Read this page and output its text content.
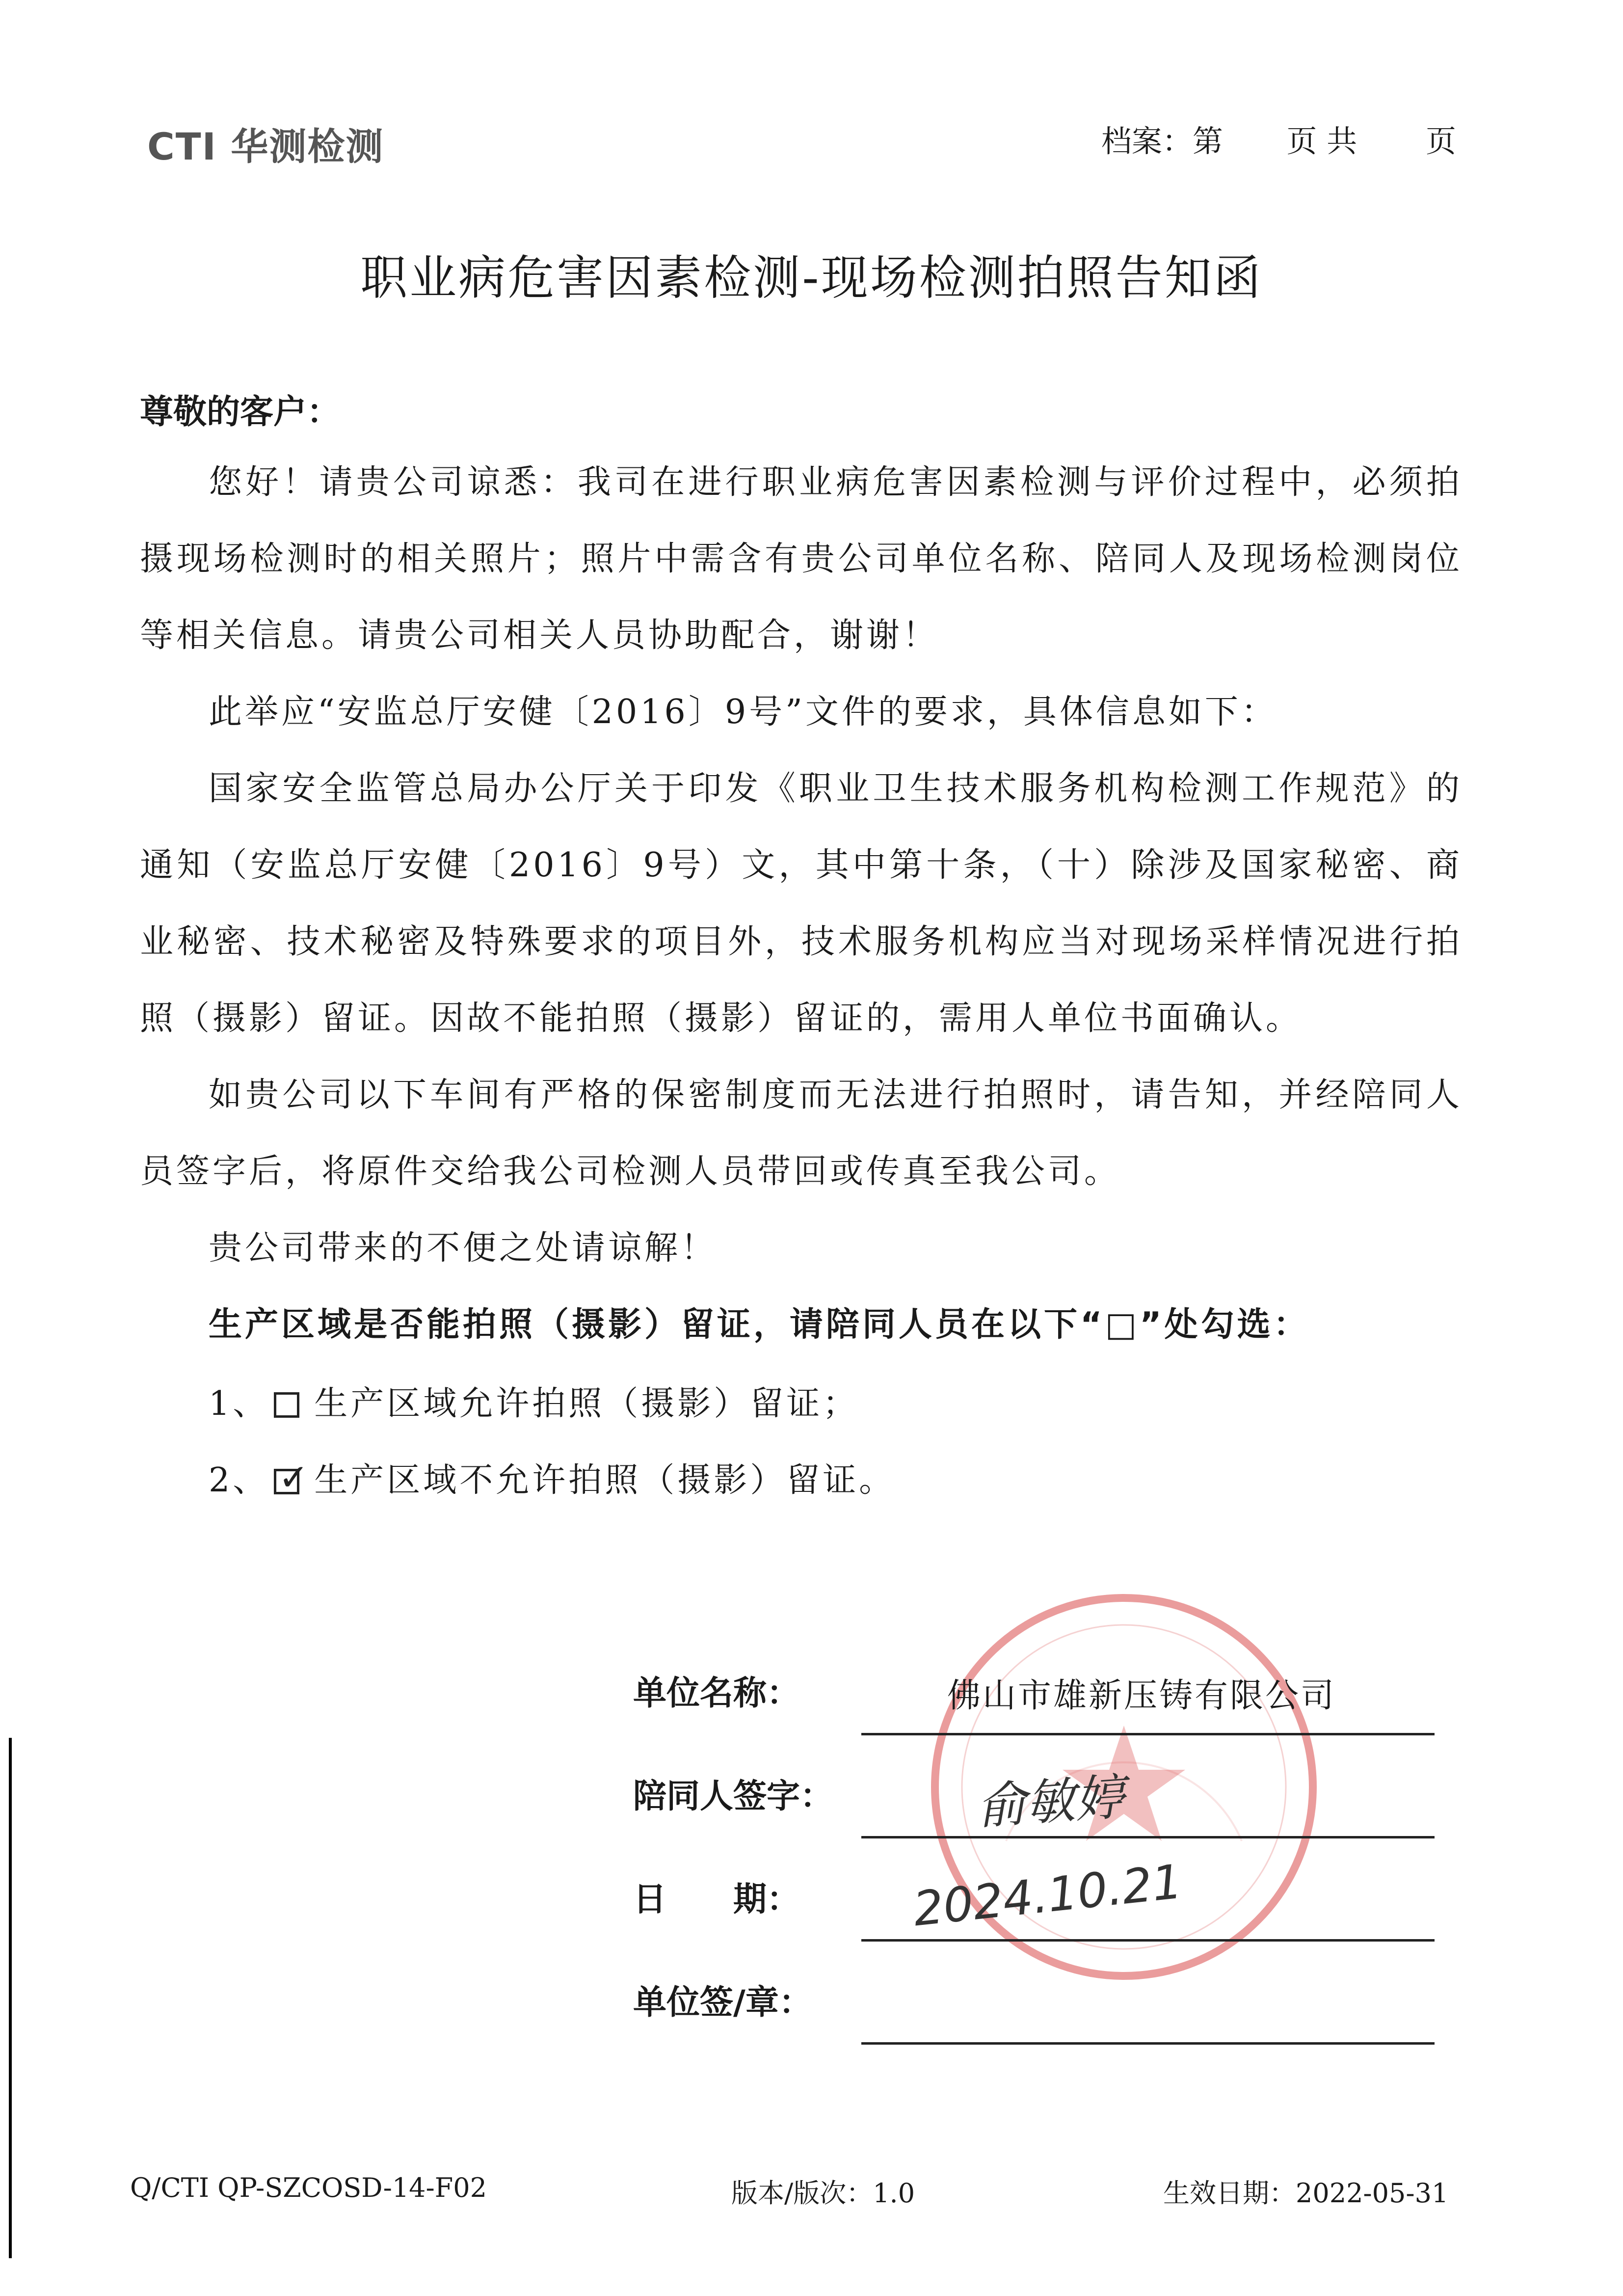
CTI 华测检测	档案：第 页 共 页
职业病危害因素检测-现场检测拍照告知函
尊敬的客户：

您好！请贵公司谅悉：我司在进行职业病危害因素检测与评价过程中，必须拍摄现场检测时的相关照片；照片中需含有贵公司单位名称、陪同人及现场检测岗位等相关信息。请贵公司相关人员协助配合，谢谢！

此举应“安监总厅安健〔2016〕9号”文件的要求，具体信息如下：

国家安全监管总局办公厅关于印发《职业卫生技术服务机构检测工作规范》的通知（安监总厅安健〔2016〕9号）文，其中第十条，（十）除涉及国家秘密、商业秘密、技术秘密及特殊要求的项目外，技术服务机构应当对现场采样情况进行拍照（摄影）留证。因故不能拍照（摄影）留证的，需用人单位书面确认。

如贵公司以下车间有严格的保密制度而无法进行拍照时，请告知，并经陪同人员签字后，将原件交给我公司检测人员带回或传真至我公司。

贵公司带来的不便之处请谅解！

生产区域是否能拍照（摄影）留证，请陪同人员在以下“□”处勾选：

1、 生产区域允许拍照（摄影）留证；
2、 ✓ 生产区域不允许拍照（摄影）留证。
单位名称：	佛山市雄新压铸有限公司
陪同人签字：	俞敏婷
日　　期： 2024.10.21
单位签/章：
Q/CTI QP-SZCOSD-14-F02	版本/版次：1.0	生效日期：2022-05-31
